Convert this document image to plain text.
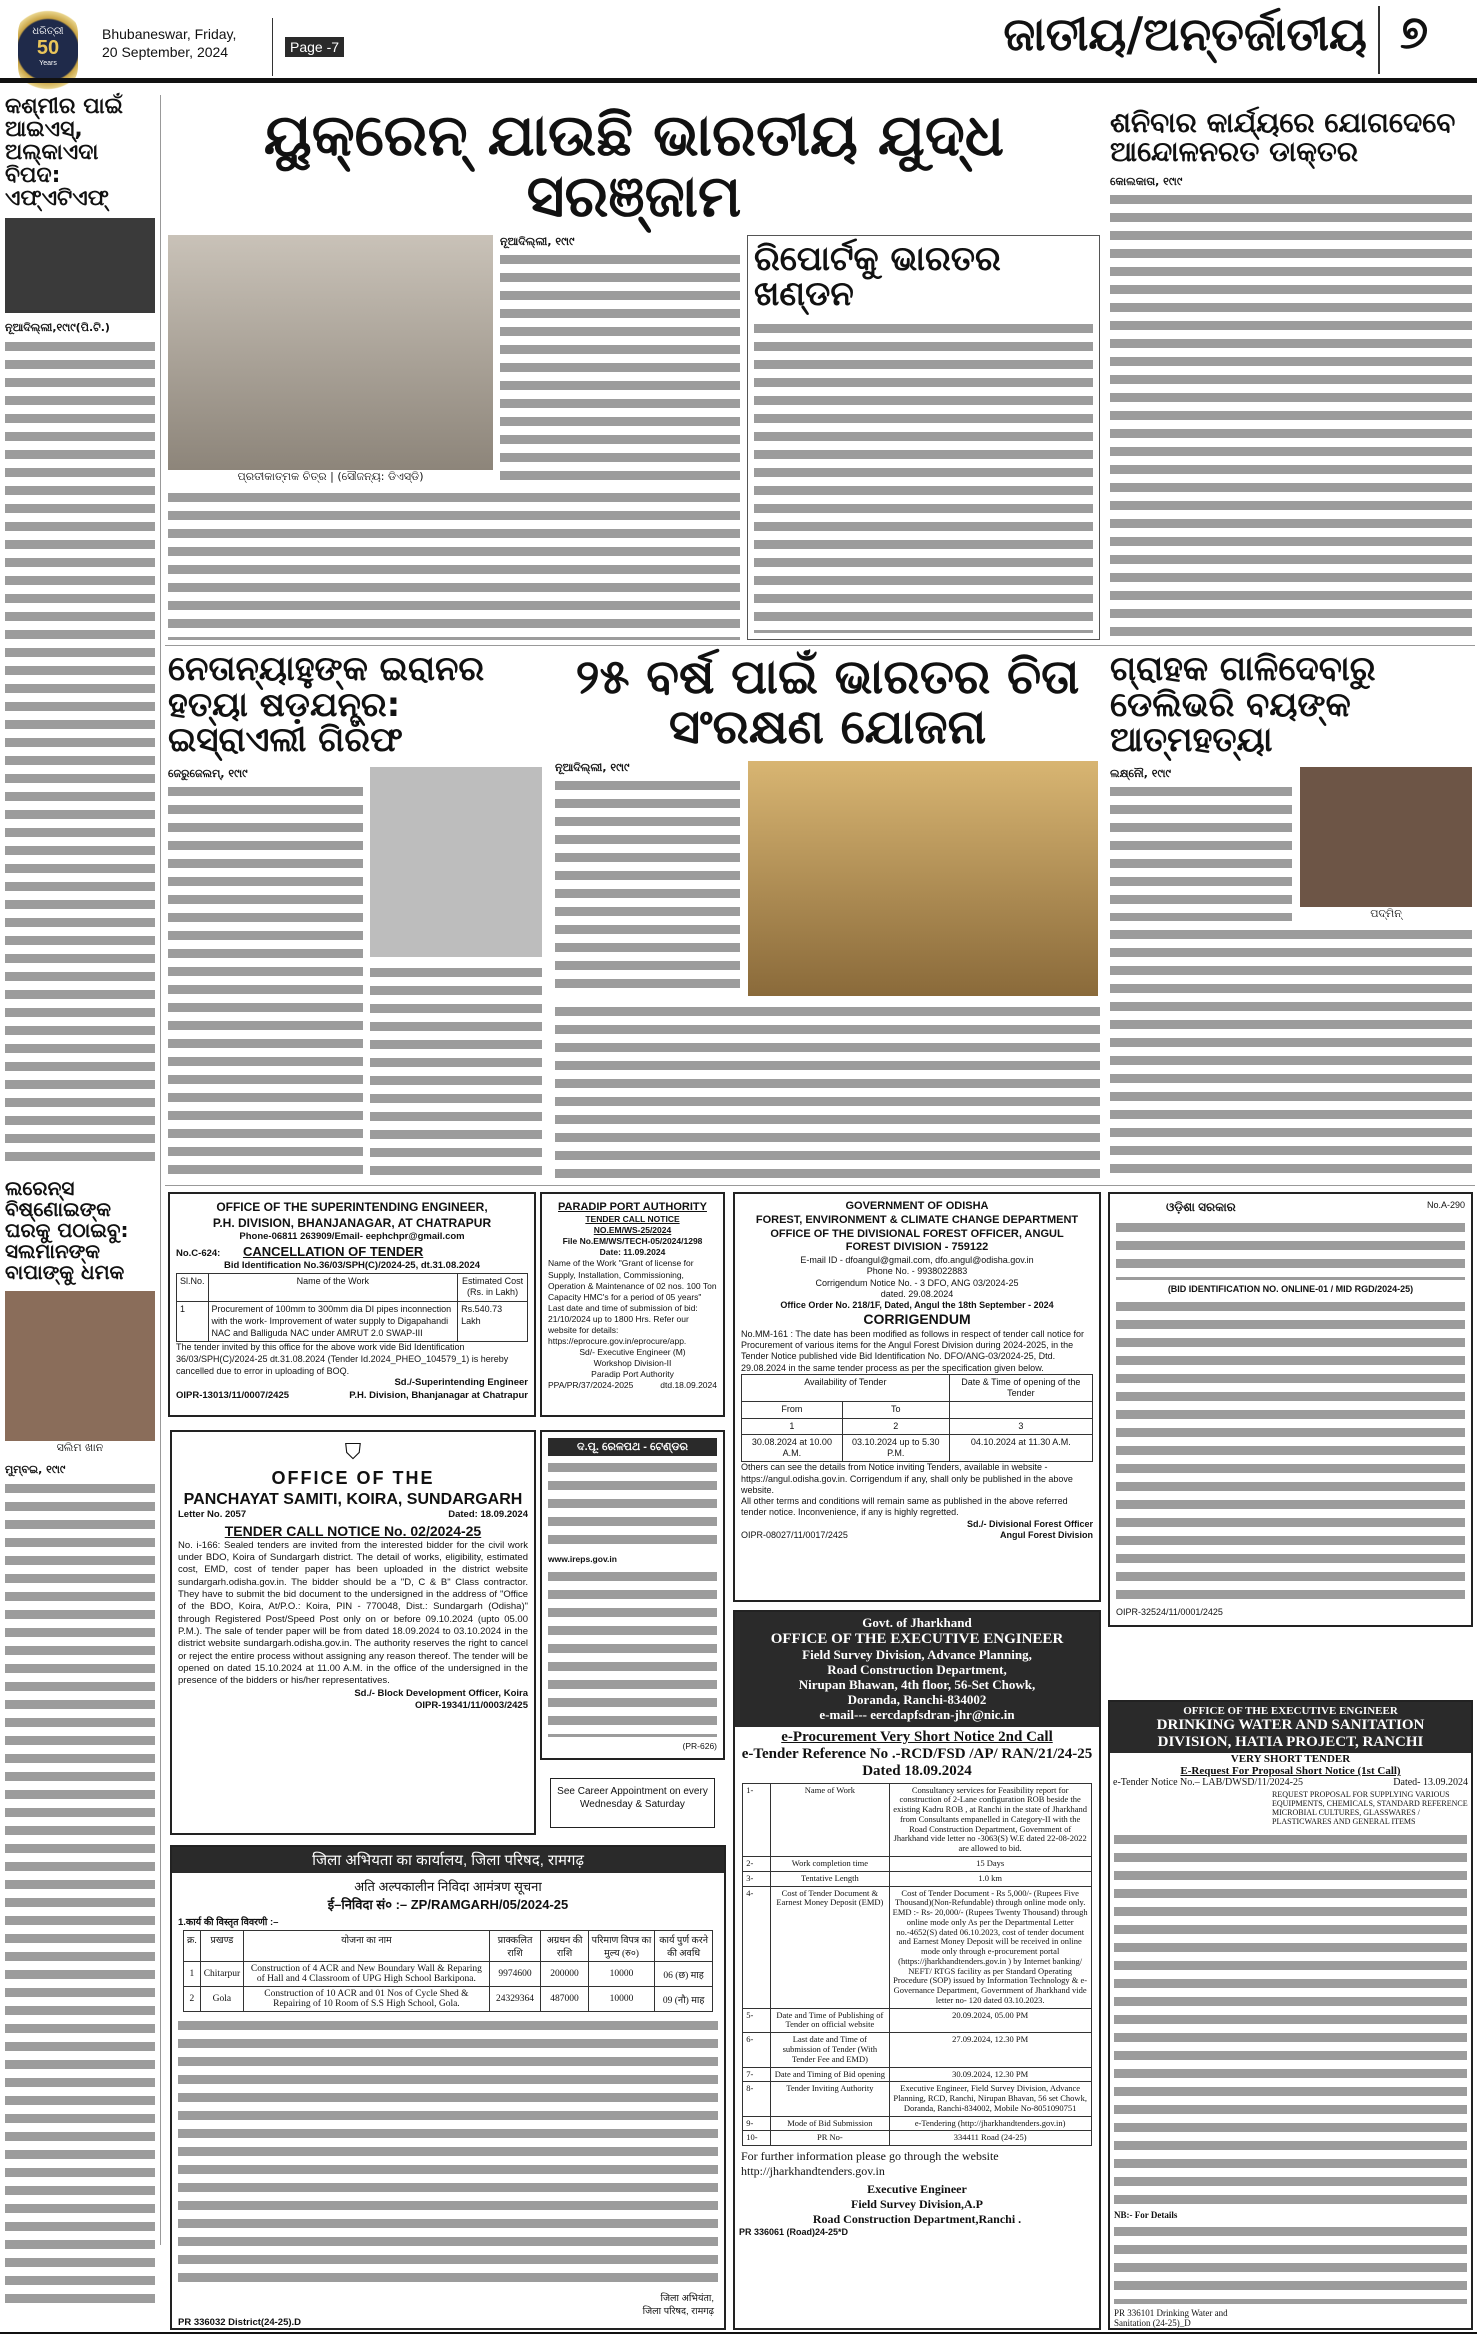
ଧରିତ୍ରୀ
50
Years
Bhubaneswar, Friday,
20 September, 2024	Page -7	ଜାତୀୟ/ଅନ୍ତର୍ଜାତୀୟ ୭
କଶ୍ମୀର ପାଇଁ ଆଇଏସ୍, ଅଲ୍‌କାଏଦା ବିପଦ: ଏଫ୍‌ଏଟିଏଫ୍
ନୂଆଦିଲ୍ଲୀ,୧୯ା୯(ପି.ଟି.)
ଲରେନ୍ସ ବିଷ୍ଣୋଇଙ୍କ ଘରକୁ ପଠାଇବୁ: ସଲମାନଙ୍କ ବାପାଙ୍କୁ ଧମକ
ସଲିମ ଖାନ
ମୁମ୍ବଇ, ୧୯ା୯
ୟୁକ୍ରେନ୍ ଯାଉଛି ଭାରତୀୟ ଯୁଦ୍ଧ ସରଞ୍ଜାମ
ପ୍ରତୀକାତ୍ମକ ଚିତ୍ର | (ସୌଜନ୍ୟ: ଡିଏସ୍‌ଡି)
ନୂଆଦିଲ୍ଲୀ, ୧୯ା୯	ରିପୋର୍ଟକୁ ଭାରତର ଖଣ୍ଡନ
ଶନିବାର କାର୍ଯ୍ୟରେ ଯୋଗଦେବେ ଆନ୍ଦୋଳନରତ ଡାକ୍ତର
କୋଲକାତା, ୧୯ା୯
ନେତାନ୍ୟାହୁଙ୍କ ଇରାନର ହତ୍ୟା ଷଡ଼ଯନ୍ତ୍ର: ଇସ୍ରାଏଲୀ ଗିରଫ
ଜେରୁଜେଲମ୍, ୧୯ା୯
୨୫ ବର୍ଷ ପାଇଁ ଭାରତର ଚିତା ସଂରକ୍ଷଣ ଯୋଜନା
ନୂଆଦିଲ୍ଲୀ, ୧୯ା୯
ଗ୍ରାହକ ଗାଳିଦେବାରୁ ଡେଲିଭରି ବୟଙ୍କ ଆତ୍ମହତ୍ୟା
ଲକ୍ଷ୍ନୌ, ୧୯ା୯
ପଦ୍ମିନ୍
OFFICE OF THE SUPERINTENDING ENGINEER,
P.H. DIVISION, BHANJANAGAR, AT CHATRAPUR
Phone-06811 263909/Email- eephchpr@gmail.com
No.C-624: CANCELLATION OF TENDER
Bid Identification No.36/03/SPH(C)/2024-25, dt.31.08.2024
Sl.No.	Name of the Work	Estimated Cost (Rs. in Lakh)
1	Procurement of 100mm to 300mm dia DI pipes inconnection with the work- Improvement of water supply to Digapahandi NAC and Balliguda NAC under AMRUT 2.0 SWAP-III	Rs.540.73 Lakh
The tender invited by this office for the above work vide Bid Identification 36/03/SPH(C)/2024-25 dt.31.08.2024 (Tender Id.2024_PHEO_104579_1) is hereby cancelled due to error in uploading of BOQ.
Sd./-Superintending Engineer
OIPR-13013/11/0007/2425	P.H. Division, Bhanjanagar at Chatrapur
PARADIP PORT AUTHORITY
TENDER CALL NOTICE
NO.EM/WS-25/2024
File No.EM/WS/TECH-05/2024/1298
Date: 11.09.2024
Name of the Work "Grant of license for Supply, Installation, Commissioning, Operation & Maintenance of 02 nos. 100 Ton Capacity HMC's for a period of 05 years" Last date and time of submission of bid: 21/10/2024 up to 1800 Hrs. Refer our website for details: https://eprocure.gov.in/eprocure/app.
Sd/- Executive Engineer (M)
Workshop Division-II
Paradip Port Authority
PPA/PR/37/2024-2025	dtd.18.09.2024
GOVERNMENT OF ODISHA
FOREST, ENVIRONMENT & CLIMATE CHANGE DEPARTMENT
OFFICE OF THE DIVISIONAL FOREST OFFICER, ANGUL
FOREST DIVISION - 759122
E-mail ID - dfoangul@gmail.com, dfo.angul@odisha.gov.in
Phone No. - 9938022883
Corrigendum Notice No. - 3 DFO, ANG 03/2024-25
dated. 29.08.2024
Office Order No. 218/1F, Dated, Angul the 18th September - 2024
CORRIGENDUM
No.MM-161 : The date has been modified as follows in respect of tender call notice for Procurement of various items for the Angul Forest Division during 2024-2025, in the Tender Notice published vide Bid Identification No. DFO/ANG-03/2024-25, Dtd. 29.08.2024 in the same tender process as per the specification given below.
Availability of Tender		Date & Time of opening of the Tender
From	To	
1	2	3
30.08.2024 at 10.00 A.M.	03.10.2024 up to 5.30 P.M.	04.10.2024 at 11.30 A.M.
Others can see the details from Notice inviting Tenders, available in website - https://angul.odisha.gov.in. Corrigendum if any, shall only be published in the above website.
All other terms and conditions will remain same as published in the above referred tender notice. Inconvenience, if any is highly regretted.
Sd./- Divisional Forest Officer
OIPR-08027/11/0017/2425	Angul Forest Division
ଓଡ଼ିଶା ସରକାର	No.A-290
(BID IDENTIFICATION NO. ONLINE-01 / MID RGD/2024-25)
OIPR-32524/11/0001/2425
⛉
OFFICE OF THE
PANCHAYAT SAMITI, KOIRA, SUNDARGARH
Letter No. 2057	Dated: 18.09.2024
TENDER CALL NOTICE No. 02/2024-25
No. i-166: Sealed tenders are invited from the interested bidder for the civil work under BDO, Koira of Sundargarh district. The detail of works, eligibility, estimated cost, EMD, cost of tender paper has been uploaded in the district website sundargarh.odisha.gov.in. The bidder should be a "D, C & B" Class contractor. They have to submit the bid document to the undersigned in the address of "Office of the BDO, Koira, At/P.O.: Koira, PIN - 770048, Dist.: Sundargarh (Odisha)" through Registered Post/Speed Post only on or before 09.10.2024 (upto 05.00 P.M.). The sale of tender paper will be from dated 18.09.2024 to 03.10.2024 in the district website sundargarh.odisha.gov.in. The authority reserves the right to cancel or reject the entire process without assigning any reason thereof. The tender will be opened on dated 15.10.2024 at 11.00 A.M. in the office of the undersigned in the presence of the bidders or his/her representatives.
Sd./- Block Development Officer, Koira
OIPR-19341/11/0003/2425
ଦ.ପୂ. ରେଳପଥ - ଟେଣ୍ଡର
www.ireps.gov.in
(PR-626)
See Career Appointment on every Wednesday & Saturday
Govt. of Jharkhand
OFFICE OF THE EXECUTIVE ENGINEER
Field Survey Division, Advance Planning,
Road Construction Department,
Nirupan Bhawan, 4th floor, 56-Set Chowk,
Doranda, Ranchi-834002
e-mail--- eercdapfsdran-jhr@nic.in
e-Procurement Very Short Notice 2nd Call
e-Tender Reference No .-RCD/FSD /AP/ RAN/21/24-25 Dated 18.09.2024
1-	Name of Work	Consultancy services for Feasibility report for construction of 2-Lane configuration ROB beside the existing Kadru ROB , at Ranchi in the state of Jharkhand from Consultants empanelled in Category-II with the Road Construction Department, Government of Jharkhand vide letter no -3063(S) W.E dated 22-08-2022 are allowed to bid.
2-	Work completion time	15 Days
3-	Tentative Length	1.0 km
4-	Cost of Tender Document & Earnest Money Deposit (EMD)	Cost of Tender Document - Rs 5,000/- (Rupees Five Thousand)(Non-Refundable) through online mode only. EMD :- Rs- 20,000/- (Rupees Twenty Thousand) through online mode only As per the Departmental Letter no.-4652(S) dated 06.10.2023, cost of tender document and Earnest Money Deposit will be received in online mode only through e-procurement portal (https://jharkhandtenders.gov.in ) by Internet banking/ NEFT/ RTGS facility as per Standard Operating Procedure (SOP) issued by Information Technology & e-Governance Department, Government of Jharkhand vide letter no- 120 dated 03.10.2023.
5-	Date and Time of Publishing of Tender on official website	20.09.2024, 05.00 PM
6-	Last date and Time of submission of Tender (With Tender Fee and EMD)	27.09.2024, 12.30 PM
7-	Date and Timing of Bid opening	30.09.2024, 12.30 PM
8-	Tender Inviting Authority	Executive Engineer, Field Survey Division, Advance Planning, RCD, Ranchi, Nirupan Bhavan, 56 set Chowk, Doranda, Ranchi-834002, Mobile No-8051090751
9-	Mode of Bid Submission	e-Tendering (http://jharkhandtenders.gov.in)
10-	PR No-	334411 Road (24-25)
For further information please go through the website http://jharkhandtenders.gov.in
Executive Engineer
Field Survey Division,A.P
Road Construction Department,Ranchi .
PR 336061 (Road)24-25*D
जिला अभियता का कार्यालय, जिला परिषद, रामगढ़
अति अल्पकालीन निविदा आमंत्रण सूचना
ई–निविदा सं० :– ZP/RAMGARH/05/2024-25
1.कार्य की विस्तृत विवरणी :–
क्र.	प्रखण्ड	योजना का नाम	प्राक्कलित राशि	अग्रधन की राशि	परिमाण विपत्र का मुल्य (रु०)	कार्य पुर्ण करने की अवधि
1	Chitarpur	Construction of 4 ACR and New Boundary Wall & Reparing of Hall and 4 Classroom of UPG High School Barkipona.	9974600	200000	10000	06 (छ) माह
2	Gola	Construction of 10 ACR and 01 Nos of Cycle Shed & Repairing of 10 Room of S.S High School, Gola.	24329364	487000	10000	09 (नौ) माह
जिला अभियंता,
जिला परिषद, रामगढ़
PR 336032 District(24-25).D
OFFICE OF THE EXECUTIVE ENGINEER
DRINKING WATER AND SANITATION
DIVISION, HATIA PROJECT, RANCHI
VERY SHORT TENDER
E-Request For Proposal Short Notice (1st Call)
e-Tender Notice No.– LAB/DWSD/11/2024-25	Dated- 13.09.2024
REQUEST PROPOSAL FOR SUPPLYING VARIOUS EQUIPMENTS, CHEMICALS, STANDARD REFERENCE MICROBIAL CULTURES, GLASSWARES / PLASTICWARES AND GENERAL ITEMS
NB:- For Details
PR 336101 Drinking Water and Sanitation (24-25)_D
